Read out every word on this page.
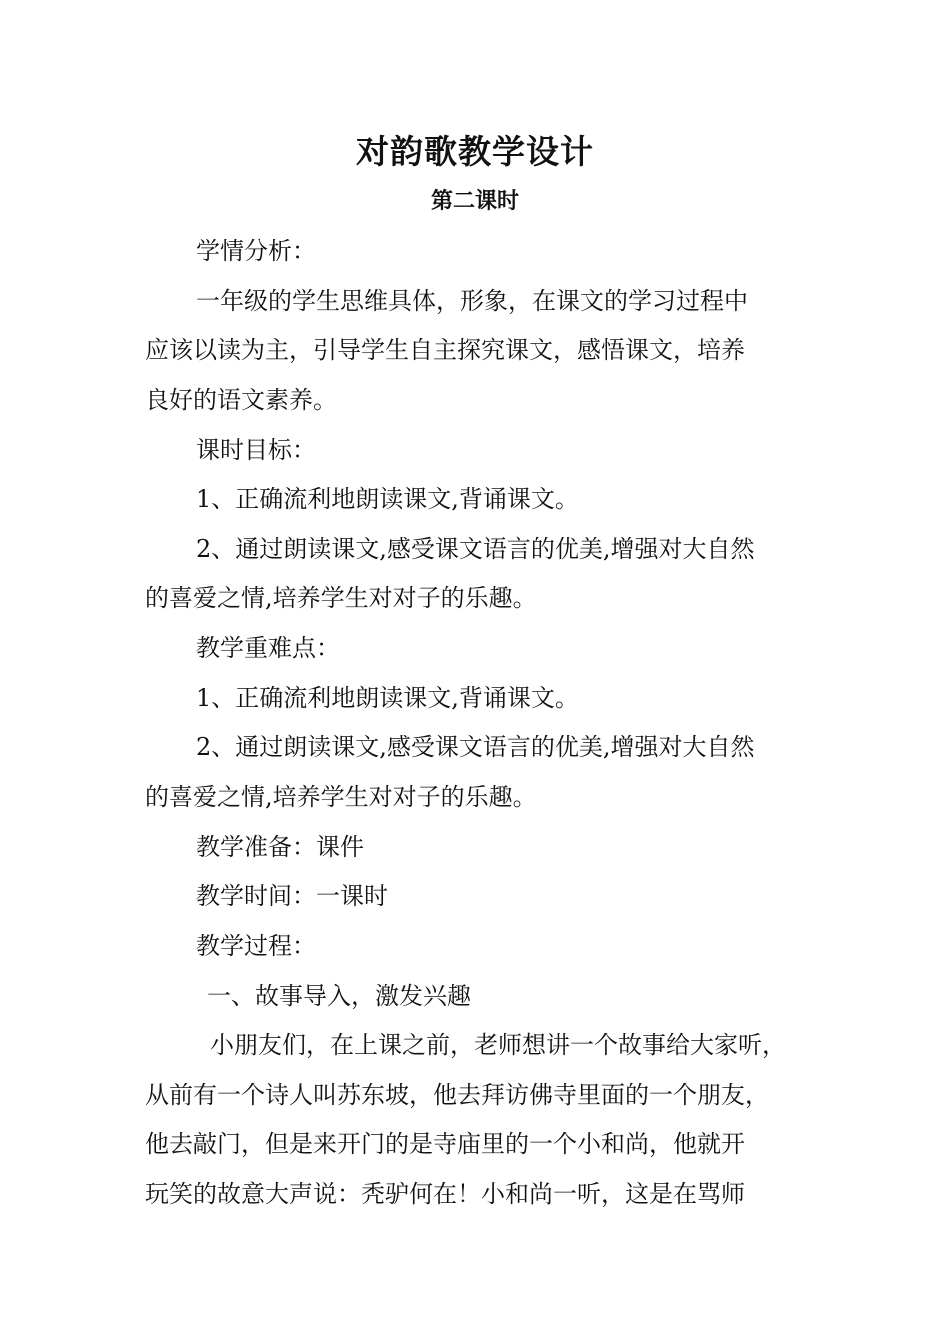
对韵歌教学设计
第二课时
学情分析：
一年级的学生思维具体，形象，在课文的学习过程中
应该以读为主，引导学生自主探究课文，感悟课文，培养
良好的语文素养。
课时目标：
1、正确流利地朗读课文,背诵课文。
2、通过朗读课文,感受课文语言的优美,增强对大自然
的喜爱之情,培养学生对对子的乐趣。
教学重难点：
1、正确流利地朗读课文,背诵课文。
2、通过朗读课文,感受课文语言的优美,增强对大自然
的喜爱之情,培养学生对对子的乐趣。
教学准备：课件
教学时间：一课时
教学过程：
一、故事导入，激发兴趣
小朋友们，在上课之前，老师想讲一个故事给大家听，
从前有一个诗人叫苏东坡，他去拜访佛寺里面的一个朋友，
他去敲门，但是来开门的是寺庙里的一个小和尚，他就开
玩笑的故意大声说：秃驴何在！小和尚一听，这是在骂师
